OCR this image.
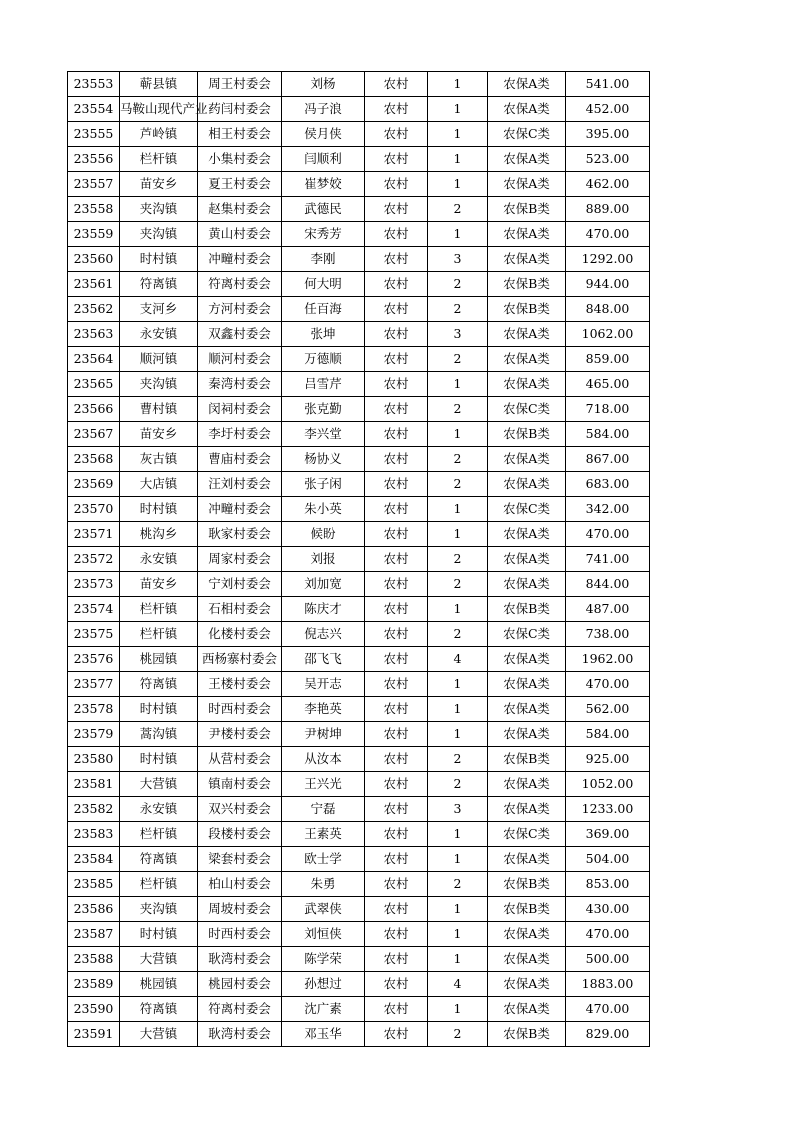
23553	蕲县镇	周王村委会	刘杨	农村	1	农保A类	541.00
23554	马鞍山现代产业	药闫村委会	冯子浪	农村	1	农保A类	452.00
23555	芦岭镇	相王村委会	侯月侠	农村	1	农保C类	395.00
23556	栏杆镇	小集村委会	闫顺利	农村	1	农保A类	523.00
23557	苗安乡	夏王村委会	崔梦姣	农村	1	农保A类	462.00
23558	夹沟镇	赵集村委会	武德民	农村	2	农保B类	889.00
23559	夹沟镇	黄山村委会	宋秀芳	农村	1	农保A类	470.00
23560	时村镇	冲疃村委会	李刚	农村	3	农保A类	1292.00
23561	符离镇	符离村委会	何大明	农村	2	农保B类	944.00
23562	支河乡	方河村委会	任百海	农村	2	农保B类	848.00
23563	永安镇	双鑫村委会	张坤	农村	3	农保A类	1062.00
23564	顺河镇	顺河村委会	万德顺	农村	2	农保A类	859.00
23565	夹沟镇	秦湾村委会	吕雪芹	农村	1	农保A类	465.00
23566	曹村镇	闵祠村委会	张克勤	农村	2	农保C类	718.00
23567	苗安乡	李圩村委会	李兴堂	农村	1	农保B类	584.00
23568	灰古镇	曹庙村委会	杨协义	农村	2	农保A类	867.00
23569	大店镇	汪刘村委会	张子闲	农村	2	农保A类	683.00
23570	时村镇	冲疃村委会	朱小英	农村	1	农保C类	342.00
23571	桃沟乡	耿家村委会	候盼	农村	1	农保A类	470.00
23572	永安镇	周家村委会	刘报	农村	2	农保A类	741.00
23573	苗安乡	宁刘村委会	刘加宽	农村	2	农保A类	844.00
23574	栏杆镇	石相村委会	陈庆才	农村	1	农保B类	487.00
23575	栏杆镇	化楼村委会	倪志兴	农村	2	农保C类	738.00
23576	桃园镇	西杨寨村委会	邵飞飞	农村	4	农保A类	1962.00
23577	符离镇	王楼村委会	吴开志	农村	1	农保A类	470.00
23578	时村镇	时西村委会	李艳英	农村	1	农保A类	562.00
23579	蒿沟镇	尹楼村委会	尹树坤	农村	1	农保A类	584.00
23580	时村镇	从营村委会	从汝本	农村	2	农保B类	925.00
23581	大营镇	镇南村委会	王兴光	农村	2	农保A类	1052.00
23582	永安镇	双兴村委会	宁磊	农村	3	农保A类	1233.00
23583	栏杆镇	段楼村委会	王素英	农村	1	农保C类	369.00
23584	符离镇	梁套村委会	欧士学	农村	1	农保A类	504.00
23585	栏杆镇	柏山村委会	朱勇	农村	2	农保B类	853.00
23586	夹沟镇	周坡村委会	武翠侠	农村	1	农保B类	430.00
23587	时村镇	时西村委会	刘恒侠	农村	1	农保A类	470.00
23588	大营镇	耿湾村委会	陈学荣	农村	1	农保A类	500.00
23589	桃园镇	桃园村委会	孙想过	农村	4	农保A类	1883.00
23590	符离镇	符离村委会	沈广素	农村	1	农保A类	470.00
23591	大营镇	耿湾村委会	邓玉华	农村	2	农保B类	829.00
